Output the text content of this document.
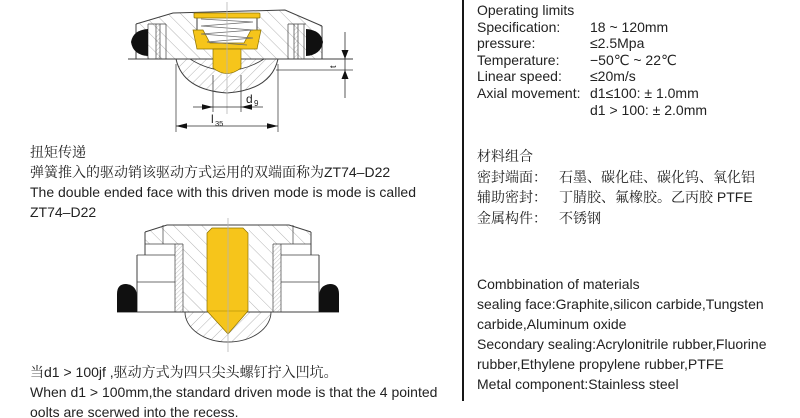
t
d 9
l 35
扭矩传递
弹簧推入的驱动销该驱动方式运用的双端面称为ZT74–D22
The double ended face with this driven mode is mode is called
ZT74–D22
当d1 > 100jf ,驱动方式为四只尖头螺钉拧入凹坑。
When d1 > 100mm,the standard driven mode is that the 4 pointed
oolts are scerwed into the recess.
Operating limits
Specification:	18 ~ 120mm
pressure:	≤2.5Mpa
Temperature:	−50℃ ~ 22℃
Linear speed:	≤20m/s
Axial movement: d1≤100: ± 1.0mm
d1 > 100: ± 2.0mm
材料组合
密封端面： 石墨、碳化硅、碳化钨、氧化铝
辅助密封： 丁腈胶、氟橡胶。乙丙胶 PTFE
金属构件： 不锈钢
Combbination of materials
sealing face:Graphite,silicon carbide,Tungsten
carbide,Aluminum oxide
Secondary sealing:Acrylonitrile rubber,Fluorine
rubber,Ethylene propylene rubber,PTFE
Metal component:Stainless steel
